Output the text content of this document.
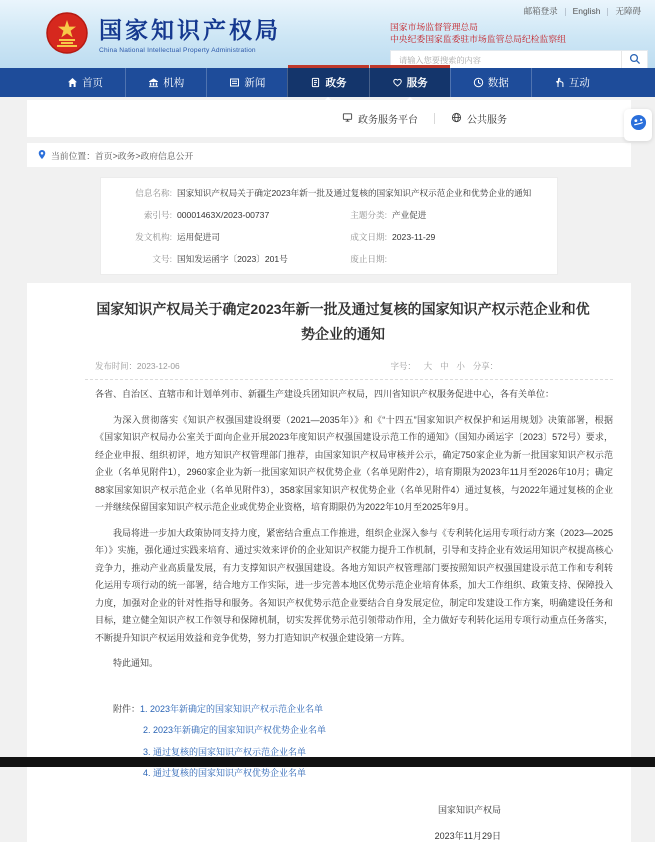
国家知识产权局
China National Intellectual Property Administration
邮箱登录 English 无障碍
国家市场监督管理总局
中央纪委国家监委驻市场监管总局纪检监察组
请输入您要搜索的内容
首页	机构	新闻	政务	服务	数据	互动
政务服务平台	公共服务
当前位置： 首页>政务>政府信息公开
信息名称: 国家知识产权局关于确定2023年新一批及通过复核的国家知识产权示范企业和优势企业的通知
索引号: 00001463X/2023-00737	主题分类: 产业促进
发文机构: 运用促进司	成文日期: 2023-11-29
文号: 国知发运函字〔2023〕201号	废止日期:
国家知识产权局关于确定2023年新一批及通过复核的国家知识产权示范企业和优势企业的通知
发布时间：2023-12-06	字号： 大 中 小 分享：

各省、自治区、直辖市和计划单列市、新疆生产建设兵团知识产权局，四川省知识产权服务促进中心，各有关单位：

为深入贯彻落实《知识产权强国建设纲要（2021—2035年）》和《“十四五”国家知识产权保护和运用规划》决策部署，根据《国家知识产权局办公室关于面向企业开展2023年度知识产权强国建设示范工作的通知》（国知办函运字〔2023〕572号）要求，经企业申报、组织初评，地方知识产权管理部门推荐，由国家知识产权局审核并公示，确定750家企业为新一批国家知识产权示范企业（名单见附件1），2960家企业为新一批国家知识产权优势企业（名单见附件2），培育期限为2023年11月至2026年10月；确定88家国家知识产权示范企业（名单见附件3），358家国家知识产权优势企业（名单见附件4）通过复核，与2022年通过复核的企业一并继续保留国家知识产权示范企业或优势企业资格，培育期限仍为2022年10月至2025年9月。

我局将进一步加大政策协同支持力度，紧密结合重点工作推进，组织企业深入参与《专利转化运用专项行动方案（2023—2025年）》实施，强化通过实践来培育、通过实效来评价的企业知识产权能力提升工作机制，引导和支持企业有效运用知识产权提高核心竞争力，推动产业高质量发展，有力支撑知识产权强国建设。各地方知识产权管理部门要按照知识产权强国建设示范工作和专利转化运用专项行动的统一部署，结合地方工作实际，进一步完善本地区优势示范企业培育体系，加大工作组织、政策支持、保障投入力度，加强对企业的针对性指导和服务。各知识产权优势示范企业要结合自身发展定位，制定印发建设工作方案，明确建设任务和目标，建立健全知识产权工作领导和保障机制，切实发挥优势示范引领带动作用，全力做好专利转化运用专项行动重点任务落实，不断提升知识产权运用效益和竞争优势，努力打造知识产权强企建设第一方阵。

特此通知。

附件：1. 2023年新确定的国家知识产权示范企业名单
2. 2023年新确定的国家知识产权优势企业名单
3. 通过复核的国家知识产权示范企业名单
4. 通过复核的国家知识产权优势企业名单
国家知识产权局
2023年11月29日
